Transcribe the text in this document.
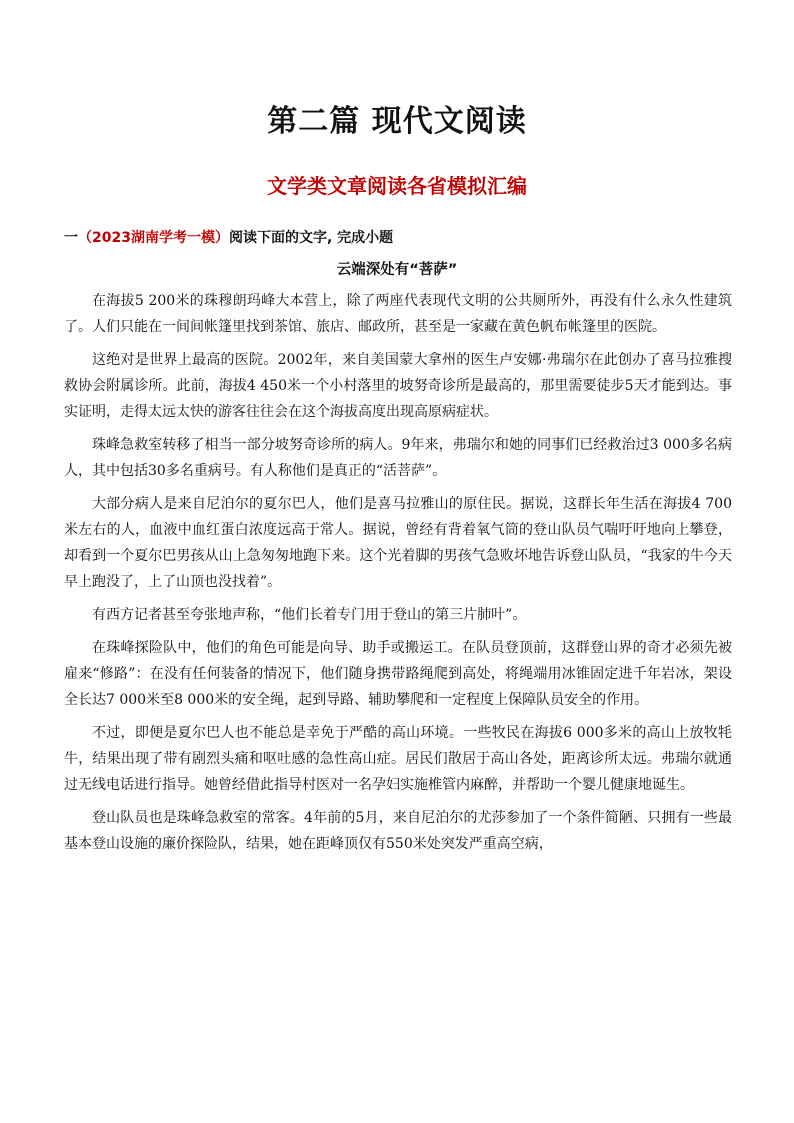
第二篇 现代文阅读
文学类文章阅读各省模拟汇编
一（2023湖南学考一模）阅读下面的文字, 完成小题
云端深处有“菩萨”

在海拔5 200米的珠穆朗玛峰大本营上，除了两座代表现代文明的公共厕所外，再没有什么永久性建筑了。人们只能在一间间帐篷里找到茶馆、旅店、邮政所，甚至是一家藏在黄色帆布帐篷里的医院。

这绝对是世界上最高的医院。2002年，来自美国蒙大拿州的医生卢安娜·弗瑞尔在此创办了喜马拉雅搜救协会附属诊所。此前，海拔4 450米一个小村落里的坡努奇诊所是最高的，那里需要徒步5天才能到达。事实证明，走得太远太快的游客往往会在这个海拔高度出现高原病症状。

珠峰急救室转移了相当一部分坡努奇诊所的病人。9年来，弗瑞尔和她的同事们已经救治过3 000多名病人，其中包括30多名重病号。有人称他们是真正的“活菩萨”。

大部分病人是来自尼泊尔的夏尔巴人，他们是喜马拉雅山的原住民。据说，这群长年生活在海拔4 700米左右的人，血液中血红蛋白浓度远高于常人。据说，曾经有背着氧气筒的登山队员气喘吁吁地向上攀登，却看到一个夏尔巴男孩从山上急匆匆地跑下来。这个光着脚的男孩气急败坏地告诉登山队员，“我家的牛今天早上跑没了，上了山顶也没找着”。

有西方记者甚至夸张地声称，“他们长着专门用于登山的第三片肺叶”。

在珠峰探险队中，他们的角色可能是向导、助手或搬运工。在队员登顶前，这群登山界的奇才必须先被雇来“修路”：在没有任何装备的情况下，他们随身携带路绳爬到高处，将绳端用冰锥固定进千年岩冰，架设全长达7 000米至8 000米的安全绳，起到导路、辅助攀爬和一定程度上保障队员安全的作用。

不过，即便是夏尔巴人也不能总是幸免于严酷的高山环境。一些牧民在海拔6 000多米的高山上放牧牦牛，结果出现了带有剧烈头痛和呕吐感的急性高山症。居民们散居于高山各处，距离诊所太远。弗瑞尔就通过无线电话进行指导。她曾经借此指导村医对一名孕妇实施椎管内麻醉，并帮助一个婴儿健康地诞生。

登山队员也是珠峰急救室的常客。4年前的5月，来自尼泊尔的尤莎参加了一个条件简陋、只拥有一些最基本登山设施的廉价探险队，结果，她在距峰顶仅有550米处突发严重高空病，
